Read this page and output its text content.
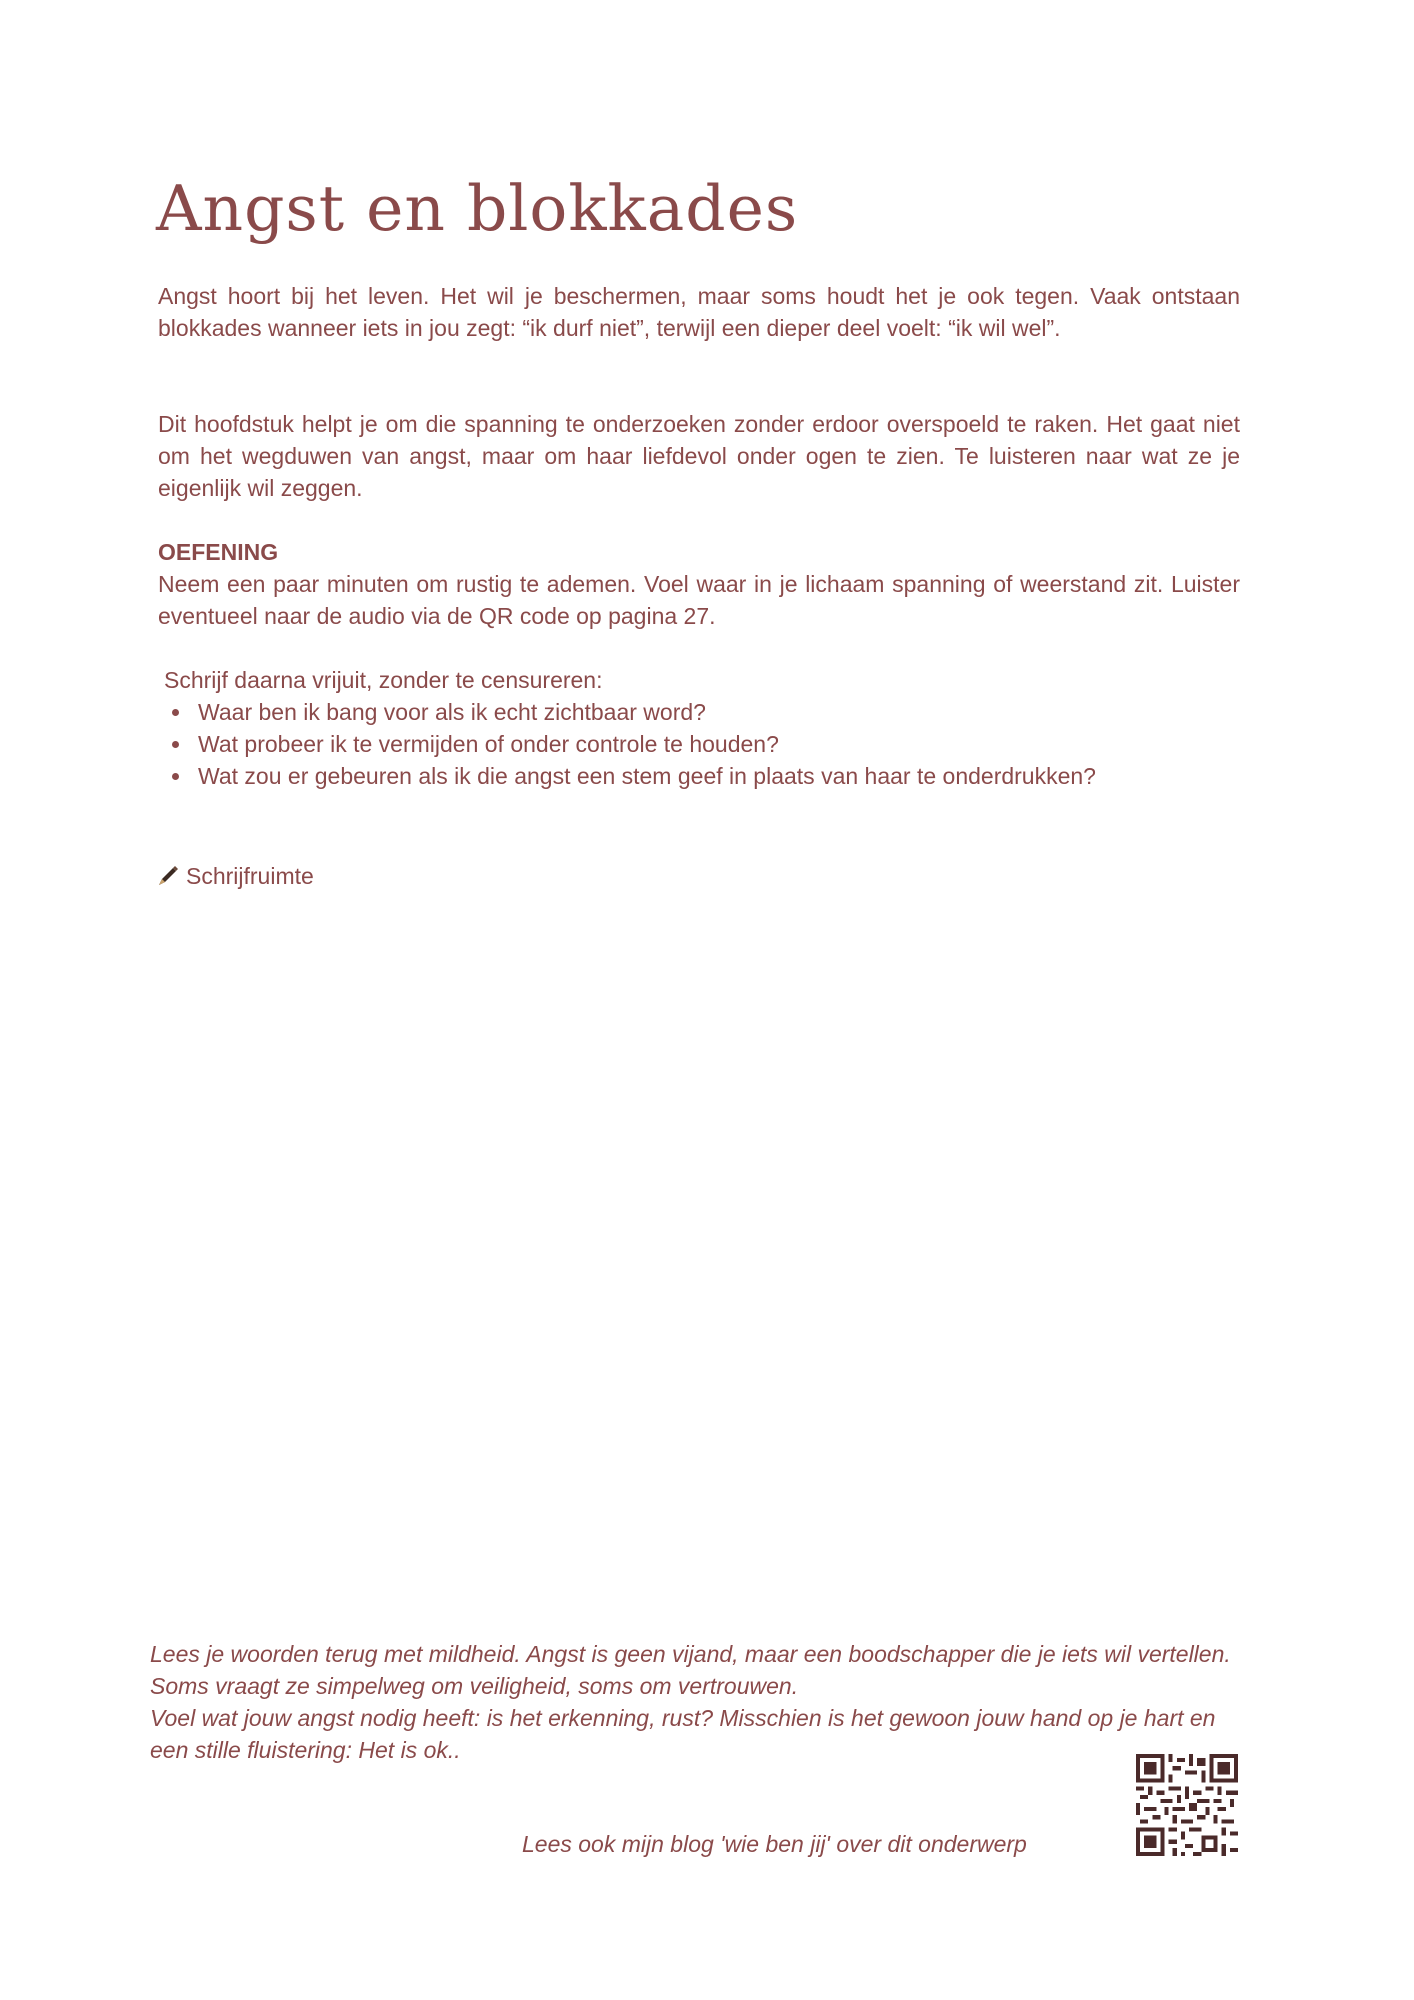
Angst en blokkades

Angst hoort bij het leven. Het wil je beschermen, maar soms houdt het je ook tegen. Vaak ontstaan blokkades wanneer iets in jou zegt: “ik durf niet”, terwijl een dieper deel voelt: “ik wil wel”.

Dit hoofdstuk helpt je om die spanning te onderzoeken zonder erdoor overspoeld te raken. Het gaat niet om het wegduwen van angst, maar om haar liefdevol onder ogen te zien. Te luisteren naar wat ze je eigenlijk wil zeggen.

OEFENING

Neem een paar minuten om rustig te ademen. Voel waar in je lichaam spanning of weerstand zit. Luister eventueel naar de audio via de QR code op pagina 27.

Schrijf daarna vrijuit, zonder te censureren:

Waar ben ik bang voor als ik echt zichtbaar word?
Wat probeer ik te vermijden of onder controle te houden?
Wat zou er gebeuren als ik die angst een stem geef in plaats van haar te onderdrukken?
Schrijfruimte
Lees je woorden terug met mildheid. Angst is geen vijand, maar een boodschapper die je iets wil vertellen. Soms vraagt ze simpelweg om veiligheid, soms om vertrouwen.
Voel wat jouw angst nodig heeft: is het erkenning, rust? Misschien is het gewoon jouw hand op je hart en een stille fluistering: Het is ok..
Lees ook mijn blog 'wie ben jij' over dit onderwerp
